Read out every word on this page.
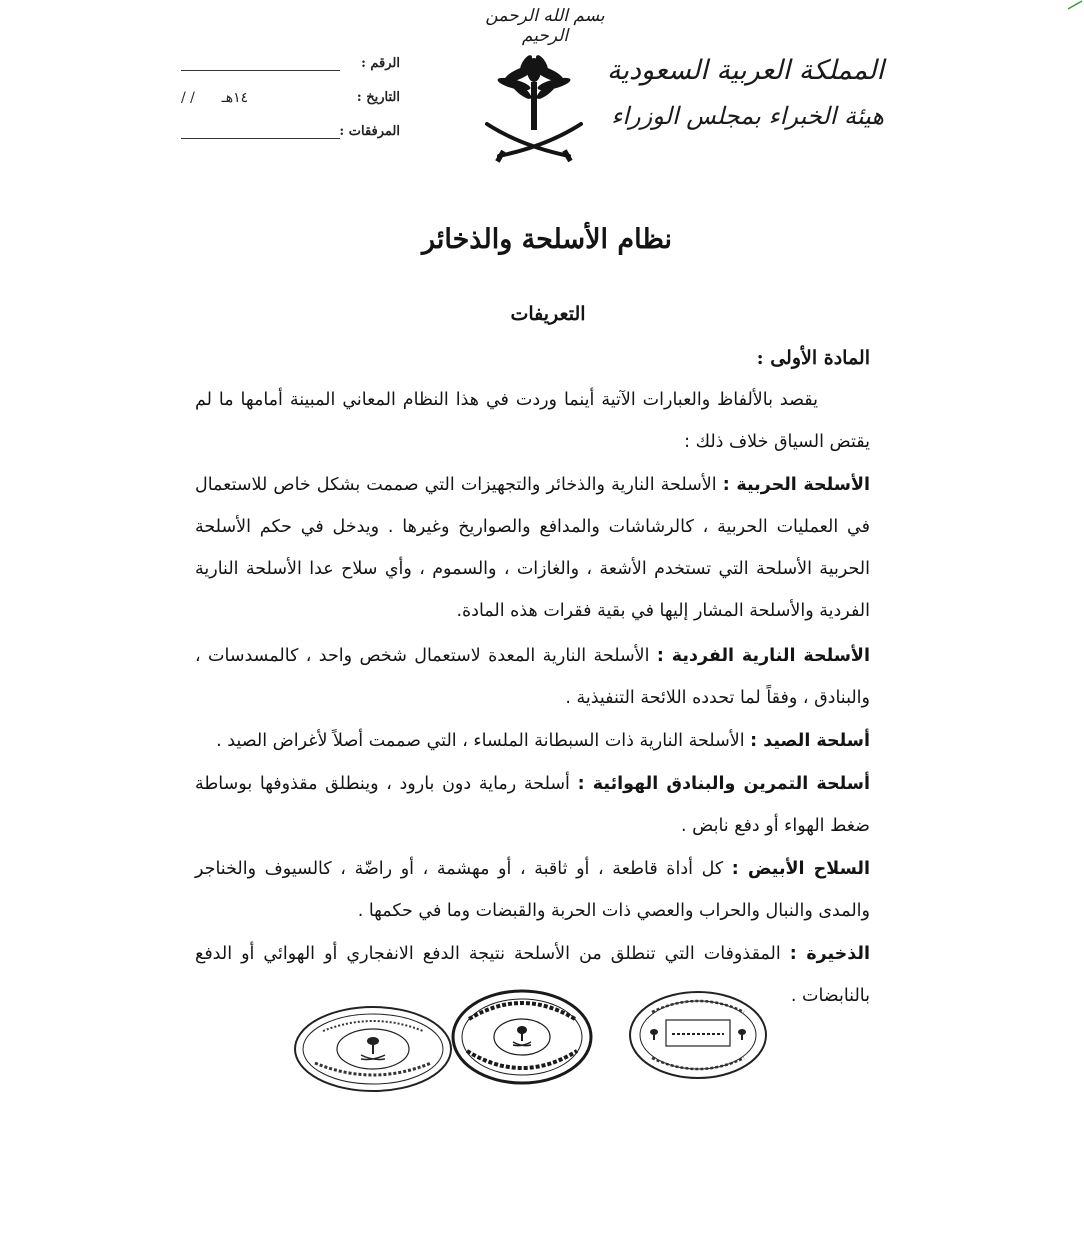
بسم الله الرحمن الرحيم
المملكة العربية السعودية
هيئة الخبراء بمجلس الوزراء
الرقم :
التاريخ :
١٤هـ      / /
المرفقات :
نظام الأسلحة والذخائر
التعريفات
المادة الأولى :
يقصد بالألفاظ والعبارات الآتية أينما وردت في هذا النظام المعاني المبينة أمامها ما لم يقتض السياق خلاف ذلك :
الأسلحة الحربية : الأسلحة النارية والذخائر والتجهيزات التي صممت بشكل خاص للاستعمال في العمليات الحربية ، كالرشاشات والمدافع والصواريخ وغيرها . ويدخل في حكم الأسلحة الحربية الأسلحة التي تستخدم الأشعة ، والغازات ، والسموم ، وأي سلاح عدا الأسلحة النارية الفردية والأسلحة المشار إليها في بقية فقرات هذه المادة.
الأسلحة النارية الفردية : الأسلحة النارية المعدة لاستعمال شخص واحد ، كالمسدسات ، والبنادق ، وفقاً لما تحدده اللائحة التنفيذية .
أسلحة الصيد : الأسلحة النارية ذات السبطانة الملساء ، التي صممت أصلاً لأغراض الصيد .
أسلحة التمرين والبنادق الهوائية : أسلحة رماية دون بارود ، وينطلق مقذوفها بوساطة ضغط الهواء أو دفع نابض .
السلاح الأبيض : كل أداة قاطعة ، أو ثاقبة ، أو مهشمة ، أو راضّة ، كالسيوف والخناجر والمدى والنبال والحراب والعصي ذات الحربة والقبضات وما في حكمها .
الذخيرة : المقذوفات التي تنطلق من الأسلحة نتيجة الدفع الانفجاري أو الهوائي أو الدفع بالنابضات .
